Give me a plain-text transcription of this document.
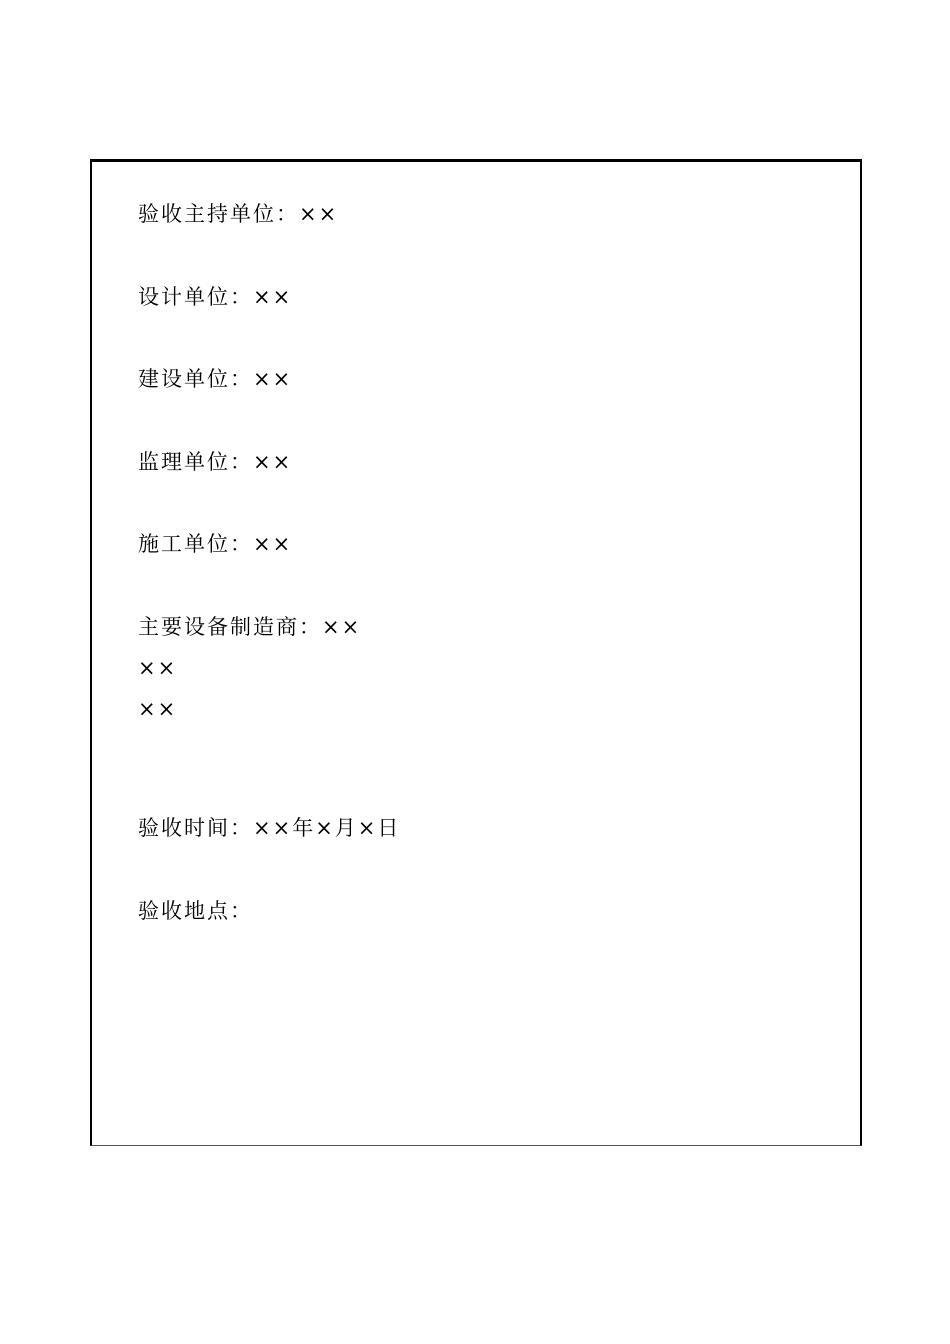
验收主持单位：××
设计单位：××
建设单位：××
监理单位：××
施工单位：××
主要设备制造商：××
××
××
验收时间：××年×月×日
验收地点：
